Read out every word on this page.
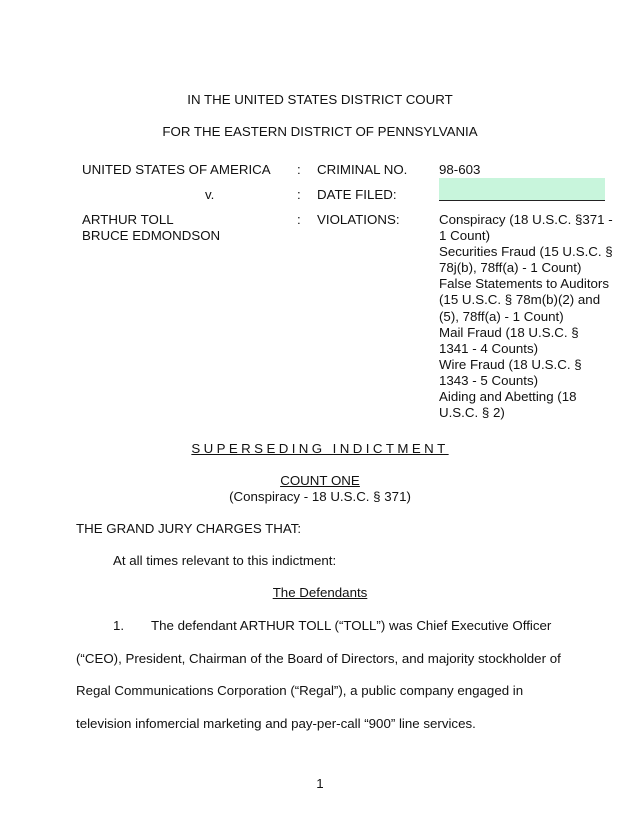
IN THE UNITED STATES DISTRICT COURT
FOR THE EASTERN DISTRICT OF PENNSYLVANIA
UNITED STATES OF AMERICA : CRIMINAL NO. 98-603
v.	: DATE FILED:
ARTHUR TOLL
BRUCE EDMONDSON
: VIOLATIONS:	Conspiracy (18 U.S.C. §371 -
1 Count)
Securities Fraud (15 U.S.C. §
78j(b), 78ff(a) - 1 Count)
False Statements to Auditors
(15 U.S.C. § 78m(b)(2) and
(5), 78ff(a) - 1 Count)
Mail Fraud (18 U.S.C. §
1341 - 4 Counts)
Wire Fraud (18 U.S.C. §
1343 - 5 Counts)
Aiding and Abetting (18
U.S.C. § 2)
SUPERSEDING INDICTMENT
COUNT ONE
(Conspiracy - 18 U.S.C. § 371)
THE GRAND JURY CHARGES THAT:
At all times relevant to this indictment:
The Defendants
1. The defendant ARTHUR TOLL (“TOLL”) was Chief Executive Officer
(“CEO), President, Chairman of the Board of Directors, and majority stockholder of
Regal Communications Corporation (“Regal”), a public company engaged in
television infomercial marketing and pay-per-call “900” line services.
1
